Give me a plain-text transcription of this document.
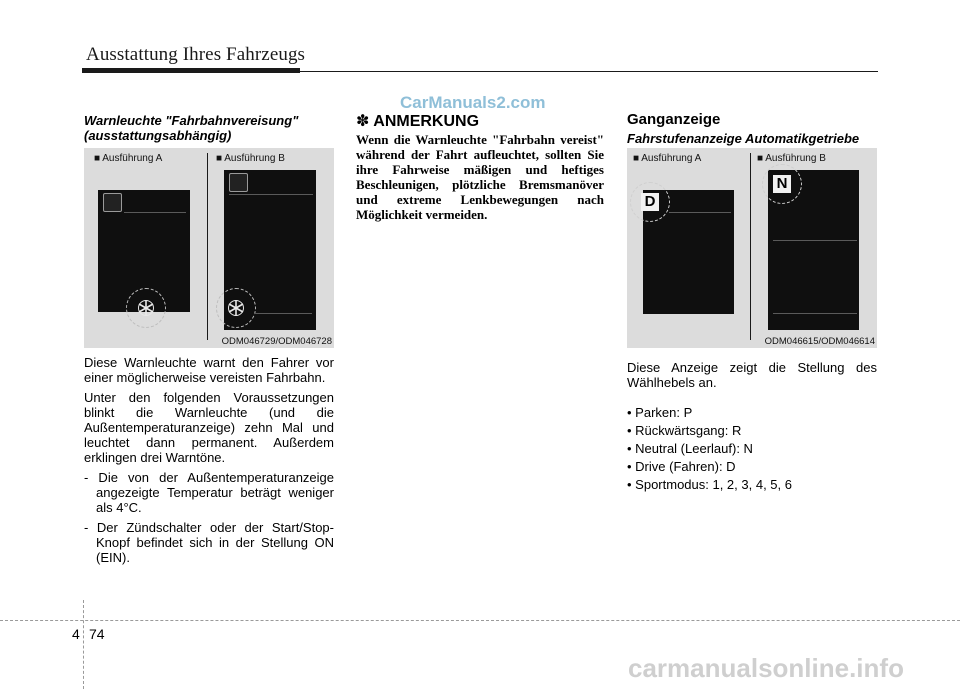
Ausstattung Ihres Fahrzeugs
Warnleuchte "Fahrbahnvereisung"
(ausstattungsabhängig)
■ Ausführung A	■ Ausführung B
ODM046729/ODM046728

Diese Warnleuchte warnt den Fahrer vor einer möglicherweise vereisten Fahrbahn.

Unter den folgenden Voraussetzungen blinkt die Warnleuchte (und die Außentemperaturanzeige) zehn Mal und leuchtet dann permanent. Außerdem erklingen drei Warntöne.

- Die von der Außentemperaturanzeige angezeigte Temperatur beträgt weniger als 4°C.

- Der Zündschalter oder der Start/Stop-Knopf befindet sich in der Stellung ON (EIN).

CarManuals2.com
✽ ANMERKUNG
Wenn die Warnleuchte "Fahrbahn vereist" während der Fahrt aufleuchtet, sollten Sie ihre Fahrweise mäßigen und heftiges Beschleunigen, plötzliche Bremsmanöver und extreme Lenkbewegungen nach Möglichkeit vermeiden.
Ganganzeige
Fahrstufenanzeige Automatikgetriebe
■ Ausführung A	■ Ausführung B
D
N
ODM046615/ODM046614

Diese Anzeige zeigt die Stellung des Wählhebels an.

• Parken: P
• Rückwärtsgang: R
• Neutral (Leerlauf): N
• Drive (Fahren): D
• Sportmodus: 1, 2, 3, 4, 5, 6
4 74
carmanualsonline.info
